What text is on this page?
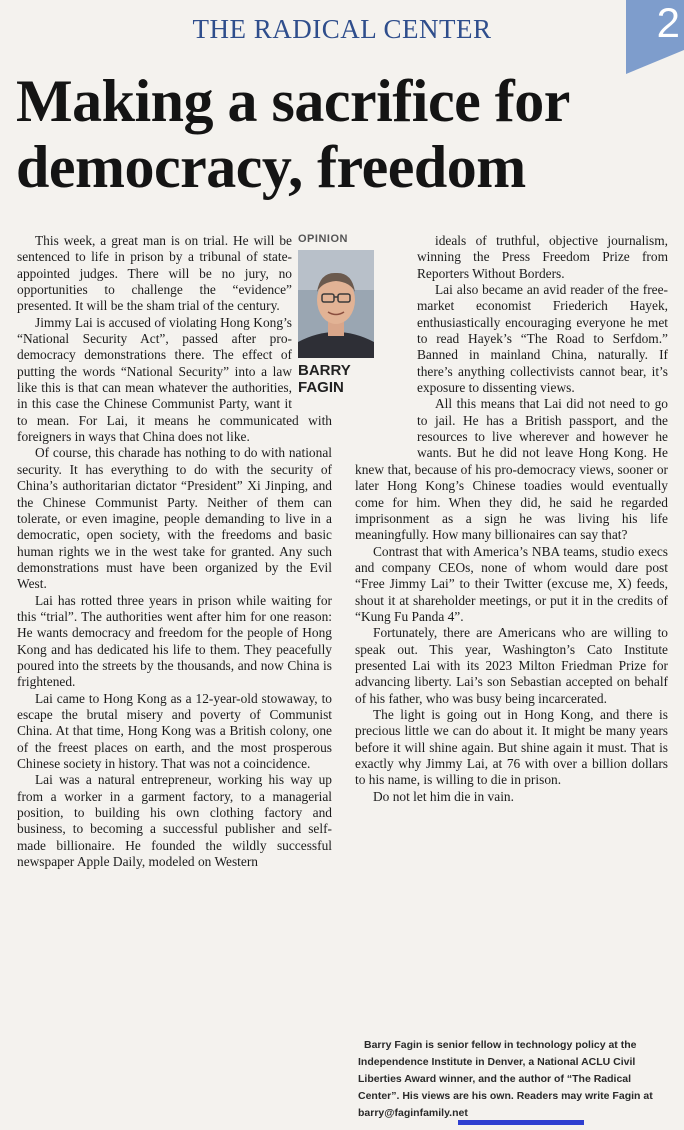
2
THE RADICAL CENTER
Making a sacrifice for democracy, freedom

This week, a great man is on trial. He will be sentenced to life in prison by a tribunal of state-appointed judges. There will be no jury, no opportunities to challenge the “evidence” presented. It will be the sham trial of the century.

Jimmy Lai is accused of violating Hong Kong’s “National Security Act”, passed after pro-democracy demonstrations there. The effect of putting the words “National Security” into a law like this is that can mean whatever the authorities, in this case the Chinese Communist Party, want it to mean. For Lai, it means he communicated with foreigners in ways that China does not like.

Of course, this charade has nothing to do with national security. It has everything to do with the security of China’s authoritarian dictator “President” Xi Jinping, and the Chinese Communist Party. Neither of them can tolerate, or even imagine, people demanding to live in a democratic, open society, with the freedoms and basic human rights we in the west take for granted. Any such demonstrations must have been organized by the Evil West.

Lai has rotted three years in prison while waiting for this “trial”. The authorities went after him for one reason: He wants democracy and freedom for the people of Hong Kong and has dedicated his life to them. They peacefully poured into the streets by the thousands, and now China is frightened.

Lai came to Hong Kong as a 12-year-old stowaway, to escape the brutal misery and poverty of Communist China. At that time, Hong Kong was a British colony, one of the freest places on earth, and the most prosperous Chinese society in history. That was not a coincidence.

Lai was a natural entrepreneur, working his way up from a worker in a garment factory, to a managerial position, to building his own clothing factory and business, to becoming a successful publisher and self-made billionaire. He founded the wildly successful newspaper Apple Daily, modeled on Western

OPINION
BARRY
FAGIN

ideals of truthful, objective journalism, winning the Press Freedom Prize from Reporters Without Borders.

Lai also became an avid reader of the free-market economist Friederich Hayek, enthusiastically encouraging everyone he met to read Hayek’s “The Road to Serfdom.” Banned in mainland China, naturally. If there’s anything collectivists cannot bear, it’s exposure to dissenting views.

All this means that Lai did not need to go to jail. He has a British passport, and the resources to live wherever and however he wants. But he did not leave Hong Kong. He knew that, because of his pro-democracy views, sooner or later Hong Kong’s Chinese toadies would eventually come for him. When they did, he said he regarded imprisonment as a sign he was living his life meaningfully. How many billionaires can say that?

Contrast that with America’s NBA teams, studio execs and company CEOs, none of whom would dare post “Free Jimmy Lai” to their Twitter (excuse me, X) feeds, shout it at shareholder meetings, or put it in the credits of “Kung Fu Panda 4”.

Fortunately, there are Americans who are willing to speak out. This year, Washington’s Cato Institute presented Lai with its 2023 Milton Friedman Prize for advancing liberty. Lai’s son Sebastian accepted on behalf of his father, who was busy being incarcerated.

The light is going out in Hong Kong, and there is precious little we can do about it. It might be many years before it will shine again. But shine again it must. That is exactly why Jimmy Lai, at 76 with over a billion dollars to his name, is willing to die in prison.

Do not let him die in vain.

Barry Fagin is senior fellow in technology policy at the Independence Institute in Denver, a National ACLU Civil Liberties Award winner, and the author of “The Radical Center”. His views are his own. Readers may write Fagin at barry@faginfamily.net
